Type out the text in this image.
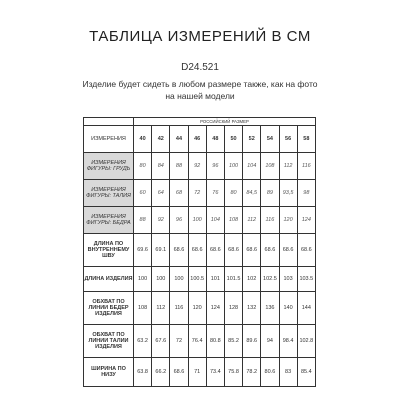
ТАБЛИЦА ИЗМЕРЕНИЙ В СМ
D24.521
Изделие будет сидеть в любом размере также, как на фото на нашей модели
	РОССИЙСКИЙ РАЗМЕР									
ИЗМЕРЕНИЯ	40	42	44	46	48	50	52	54	56	58
ИЗМЕРЕНИЯ ФИГУРЫ: ГРУДЬ	80	84	88	92	96	100	104	108	112	116
ИЗМЕРЕНИЯ ФИГУРЫ: ТАЛИЯ	60	64	68	72	76	80	84,5	89	93,5	98
ИЗМЕРЕНИЯ ФИГУРЫ: БЕДРА	88	92	96	100	104	108	112	116	120	124
ДЛИНА ПО ВНУТРЕННЕМУ ШВУ	69.6	69.1	68.6	68.6	68.6	68.6	68.6	68.6	68.6	68.6
ДЛИНА ИЗДЕЛИЯ	100	100	100	100.5	101	101.5	102	102.5	103	103.5
ОБХВАТ ПО ЛИНИИ БЕДЕР ИЗДЕЛИЯ	108	112	116	120	124	128	132	136	140	144
ОБХВАТ ПО ЛИНИИ ТАЛИИ ИЗДЕЛИЯ	63.2	67.6	72	76.4	80.8	85.2	89.6	94	98.4	102.8
ШИРИНА ПО НИЗУ	63.8	66.2	68.6	71	73.4	75.8	78.2	80.6	83	85.4
